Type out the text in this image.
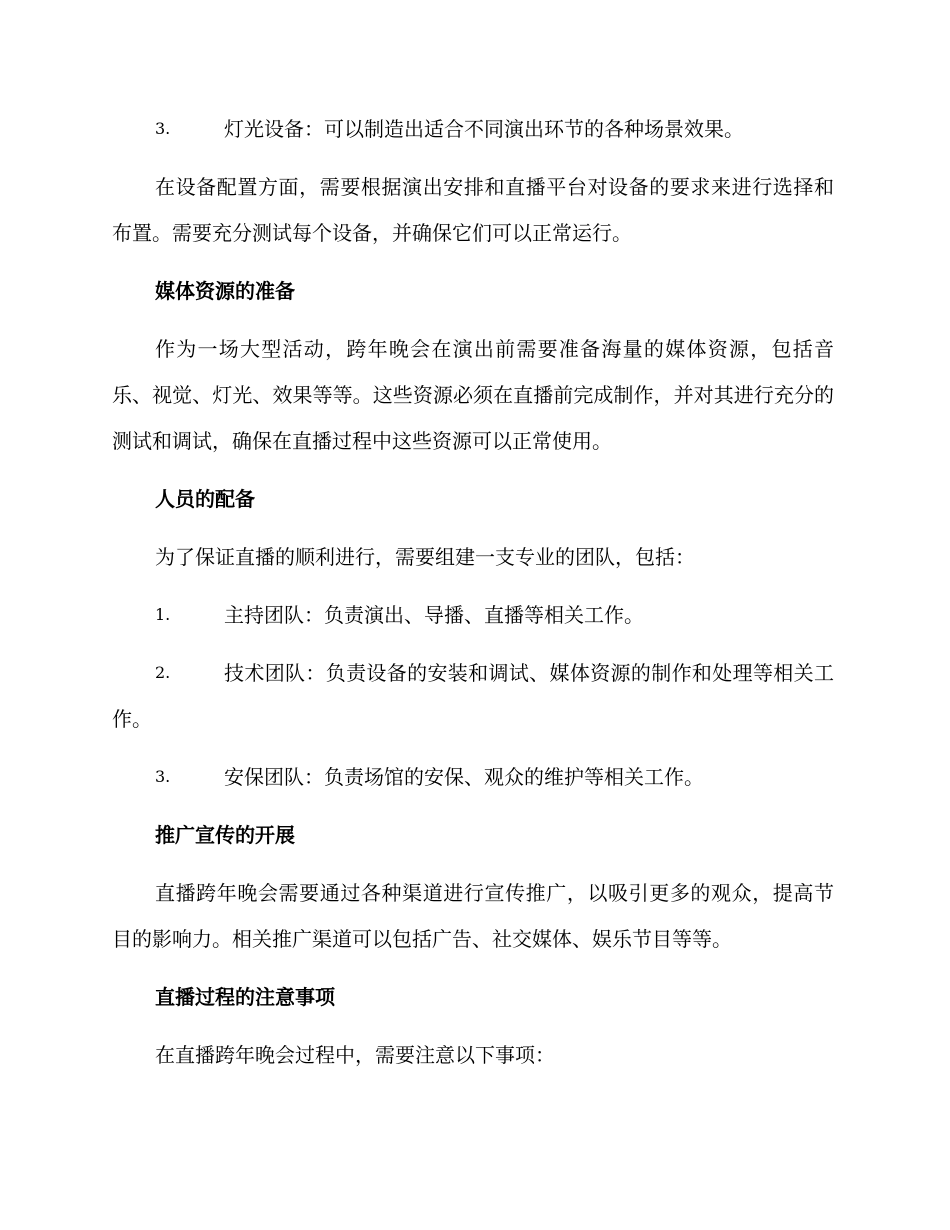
3.	灯光设备：可以制造出适合不同演出环节的各种场景效果。

在设备配置方面，需要根据演出安排和直播平台对设备的要求来进行选择和布置。需要充分测试每个设备，并确保它们可以正常运行。

媒体资源的准备

作为一场大型活动，跨年晚会在演出前需要准备海量的媒体资源，包括音乐、视觉、灯光、效果等等。这些资源必须在直播前完成制作，并对其进行充分的测试和调试，确保在直播过程中这些资源可以正常使用。

人员的配备

为了保证直播的顺利进行，需要组建一支专业的团队，包括：

1.	主持团队：负责演出、导播、直播等相关工作。

2.	技术团队：负责设备的安装和调试、媒体资源的制作和处理等相关工作。

3.	安保团队：负责场馆的安保、观众的维护等相关工作。

推广宣传的开展

直播跨年晚会需要通过各种渠道进行宣传推广，以吸引更多的观众，提高节目的影响力。相关推广渠道可以包括广告、社交媒体、娱乐节目等等。

直播过程的注意事项

在直播跨年晚会过程中，需要注意以下事项：
